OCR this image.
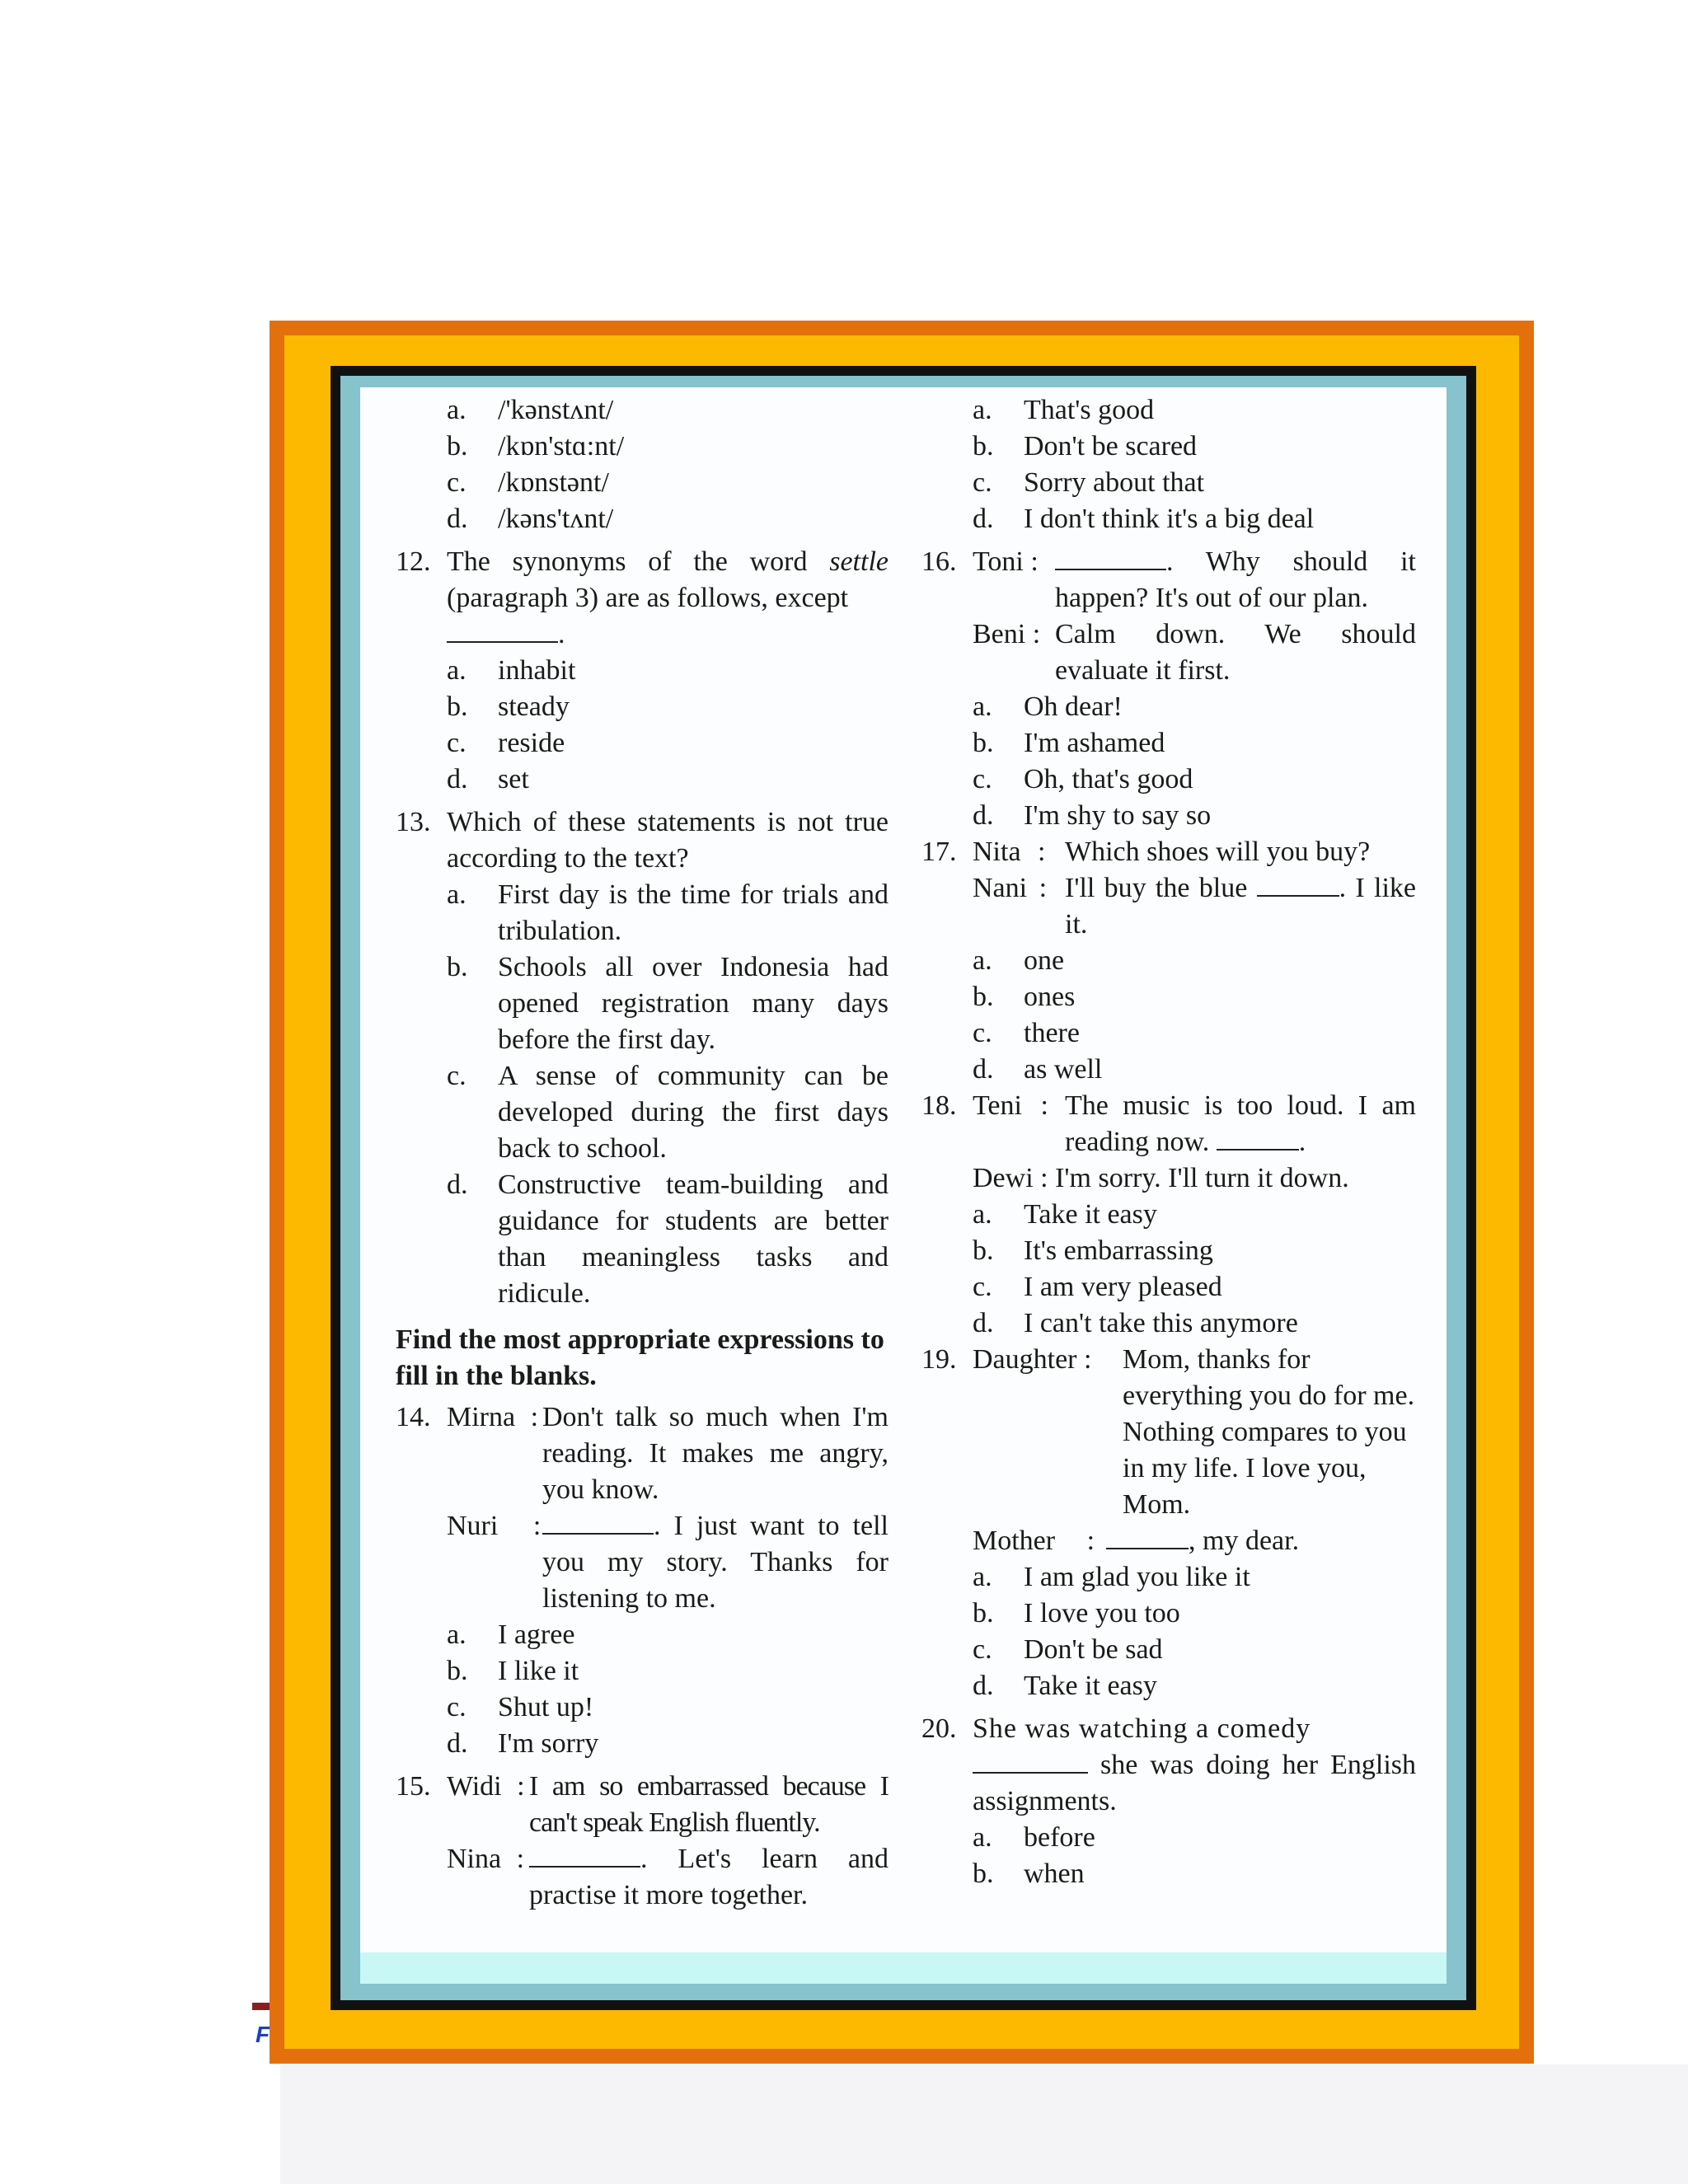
F
a. /'kənstʌnt/
b. /kɒn'stɑ:nt/
c. /kɒnstənt/
d. /kəns'tʌnt/
12. The synonyms of the word settle (paragraph 3) are as follows, except
.

a. inhabit
b. steady
c. reside
d. set
13. Which of these statements is not true according to the text?

a. First day is the time for trials and tribulation.
b. Schools all over Indonesia had opened registration many days before the first day.
c. A sense of community can be developed during the first days back to school.
d. Constructive team-building and guidance for students are better than meaningless tasks and ridicule.

Find the most appropriate expressions to fill in the blanks.

14. Mirna : Don't talk so much when I'm reading. It makes me angry, you know.
Nuri :	. I just want to tell you my story. Thanks for listening to me.
a. I agree
b. I like it
c. Shut up!
d. I'm sorry
15. Widi : I am so embarrassed because I can't speak English fluently.
Nina :	. Let's learn and practise it more together.
a. That's good
b. Don't be scared
c. Sorry about that
d. I don't think it's a big deal
16. Toni :	. Why should it happen? It's out of our plan.
Beni : Calm down. We should evaluate it first.
a. Oh dear!
b. I'm ashamed
c. Oh, that's good
d. I'm shy to say so
17. Nita : Which shoes will you buy?
Nani : I'll buy the blue	. I like it.
a. one
b. ones
c. there
d. as well
18. Teni : The music is too loud. I am reading now.	.
Dewi : I'm sorry. I'll turn it down.
a. Take it easy
b. It's embarrassing
c. I am very pleased
d. I can't take this anymore
19. Daughter :	Mom, thanks for everything you do for me. Nothing compares to you in my life. I love you, Mom.
Mother :	, my dear.
a. I am glad you like it
b. I love you too
c. Don't be sad
d. Take it easy
20. She was watching a comedy
she was doing her English assignments.

a. before
b. when
